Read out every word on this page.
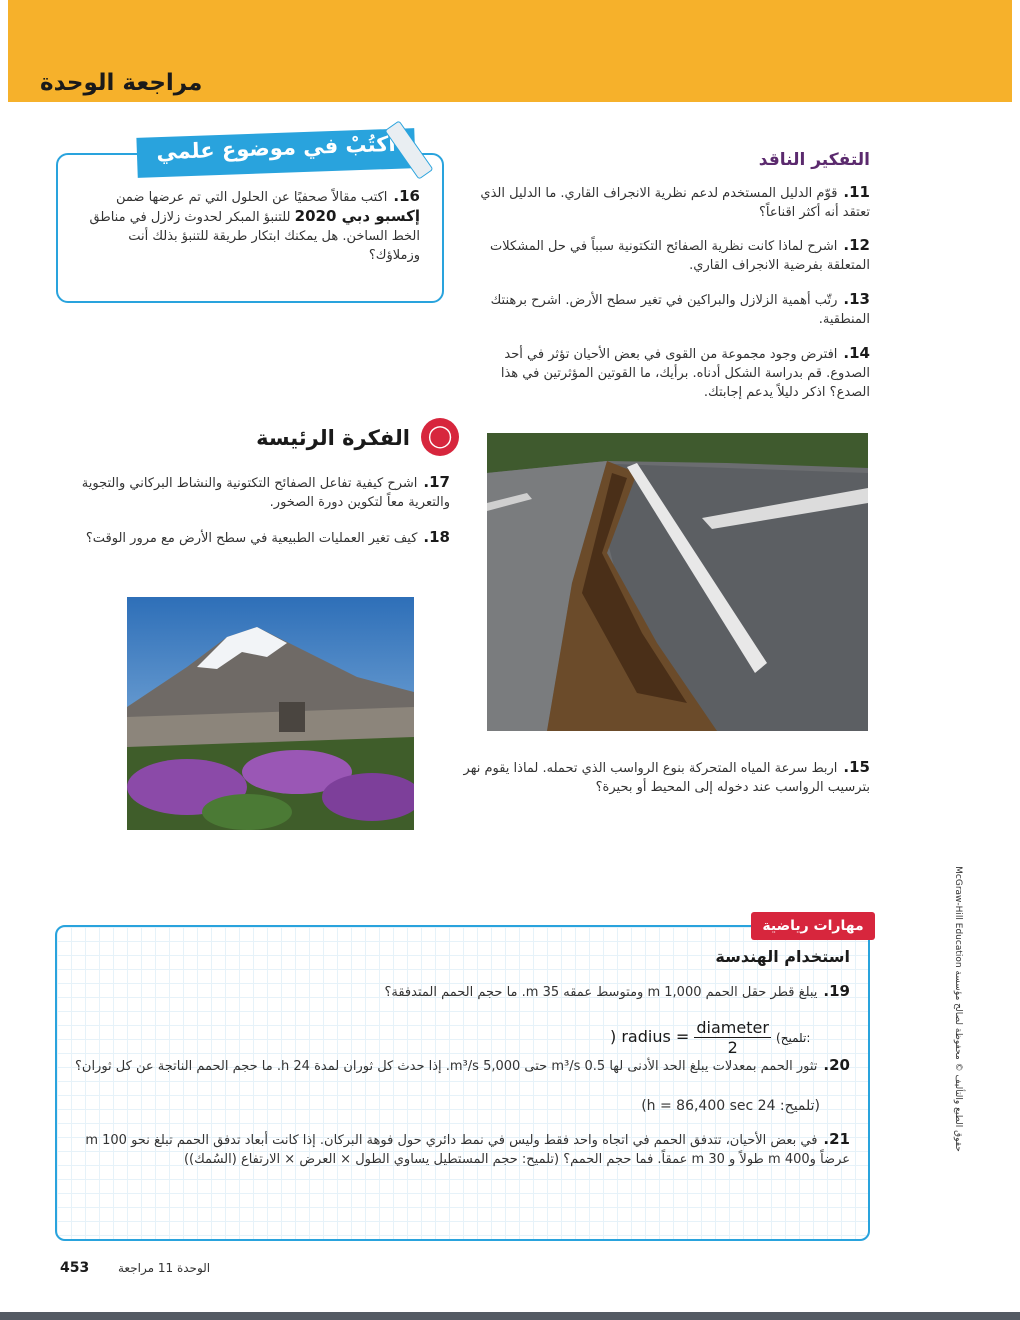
مراجعة الوحدة
التفكير الناقد
11.قوّم الدليل المستخدم لدعم نظرية الانجراف القاري. ما الدليل الذي تعتقد أنه أكثر اقناعاً؟
12.اشرح لماذا كانت نظرية الصفائح التكتونية سبباً في حل المشكلات المتعلقة بفرضية الانجراف القاري.
13.رتّب أهمية الزلازل والبراكين في تغير سطح الأرض. اشرح برهنتك المنطقية.
14.افترض وجود مجموعة من القوى في بعض الأحيان تؤثر في أحد الصدوع. قم بدراسة الشكل أدناه. برأيك، ما القوتين المؤثرتين في هذا الصدع؟ اذكر دليلاً يدعم إجابتك.
15.اربط سرعة المياه المتحركة بنوع الرواسب الذي تحمله. لماذا يقوم نهر بترسيب الرواسب عند دخوله إلى المحيط أو بحيرة؟
أكتُبْ في موضوع علمي
16.اكتب مقالاً صحفيًا عن الحلول التي تم عرضها ضمن إكسبو دبي 2020 للتنبؤ المبكر لحدوث زلازل في مناطق الخط الساخن. هل يمكنك ابتكار طريقة للتنبؤ بذلك أنت وزملاؤك؟
◯
الفكرة الرئيسة
17.اشرح كيفية تفاعل الصفائح التكتونية والنشاط البركاني والتجوية والتعرية معاً لتكوين دورة الصخور.
18.كيف تغير العمليات الطبيعية في سطح الأرض مع مرور الوقت؟
حقوق الطبع والتأليف © محفوظة لصالح مؤسسة McGraw-Hill Education
مهارات رياضية
استخدام الهندسة
19.يبلغ قطر حقل الحمم 1,000 m ومتوسط عمقه 35 m. ما حجم الحمم المتدفقة؟
) radius = $\frac{\text{diameter}}{2}$ (تلميح:
20.تثور الحمم بمعدلات يبلغ الحد الأدنى لها 0.5 m³/s حتى 5,000 m³/s. إذا حدث كل ثوران لمدة 24 h. ما حجم الحمم الناتجة عن كل ثوران؟
(تلميح: 24 h = 86,400 sec)
21.في بعض الأحيان، تتدفق الحمم في اتجاه واحد فقط وليس في نمط دائري حول فوهة البركان. إذا كانت أبعاد تدفق الحمم تبلغ نحو 100 m عرضاً و400 m طولاً و 30 m عمقاً. فما حجم الحمم؟ (تلميح: حجم المستطيل يساوي الطول × العرض × الارتفاع (السُمك))
453 الوحدة 11 مراجعة
